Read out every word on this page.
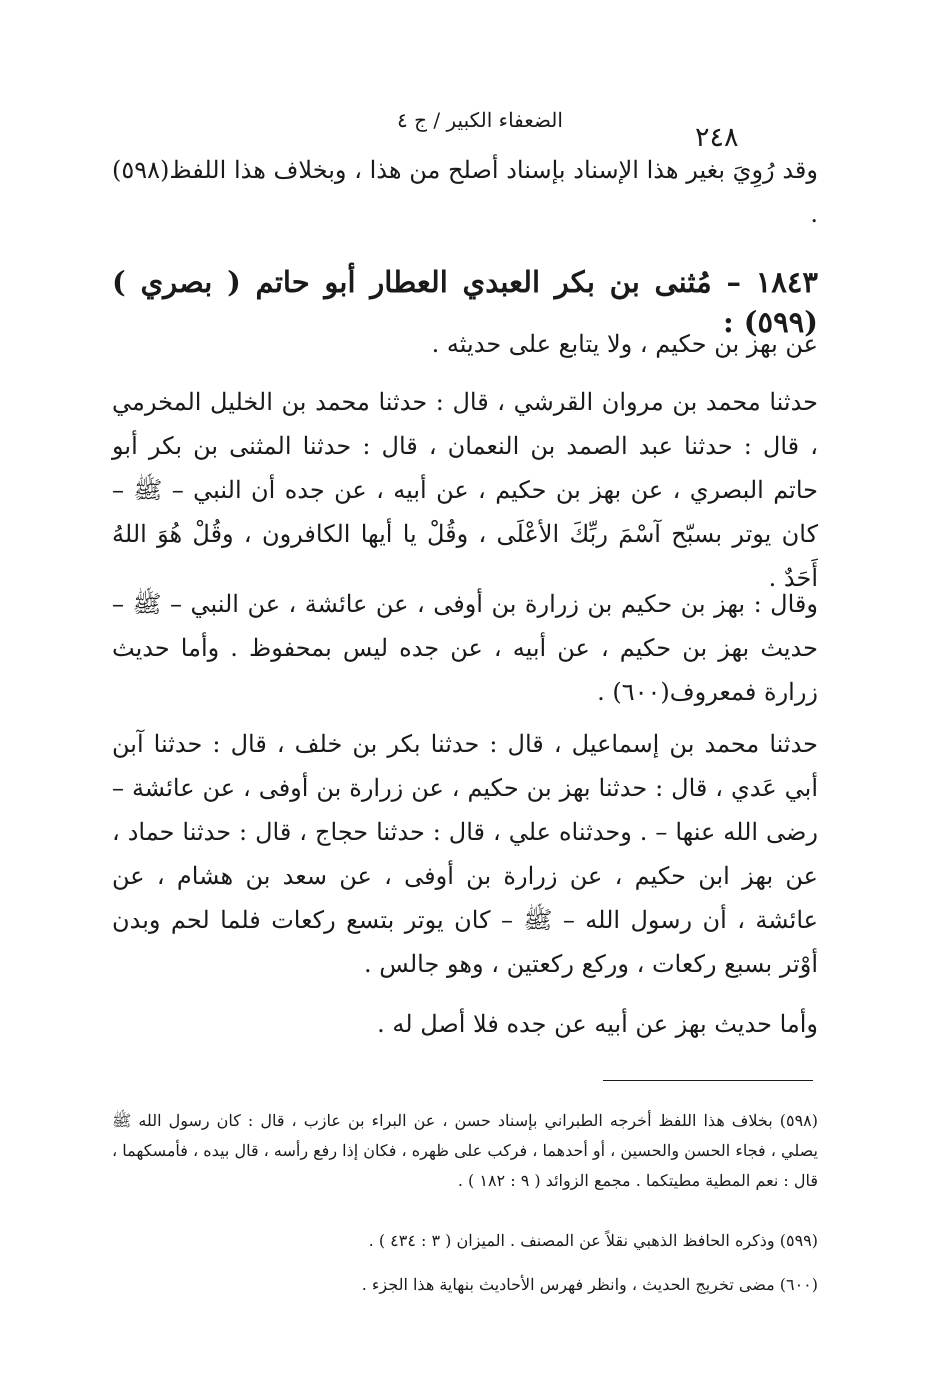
الضعفاء الكبير / ج ٤
٢٤٨
وقد رُوِيَ بغير هذا الإسناد بإسناد أصلح من هذا ، وبخلاف هذا اللفظ(٥٩٨) .
١٨٤٣ – مُثنى بن بكر العبدي العطار أبو حاتم ( بصري )(٥٩٩) :
عن بهز بن حكيم ، ولا يتابع على حديثه .
حدثنا محمد بن مروان القرشي ، قال : حدثنا محمد بن الخليل المخرمي ، قال : حدثنا عبد الصمد بن النعمان ، قال : حدثنا المثنى بن بكر أبو حاتم البصري ، عن بهز بن حكيم ، عن أبيه ، عن جده أن النبي – ﷺ – كان يوتر بسبّح آسْمَ ربِّكَ الأعْلَى ، وقُلْ يا أيها الكافرون ، وقُلْ هُوَ اللهُ أَحَدٌ .
وقال : بهز بن حكيم بن زرارة بن أوفى ، عن عائشة ، عن النبي – ﷺ – حديث بهز بن حكيم ، عن أبيه ، عن جده ليس بمحفوظ . وأما حديث زرارة فمعروف(٦٠٠) .
حدثنا محمد بن إسماعيل ، قال : حدثنا بكر بن خلف ، قال : حدثنا آبن أبي عَدي ، قال : حدثنا بهز بن حكيم ، عن زرارة بن أوفى ، عن عائشة – رضى الله عنها – . وحدثناه علي ، قال : حدثنا حجاج ، قال : حدثنا حماد ، عن بهز ابن حكيم ، عن زرارة بن أوفى ، عن سعد بن هشام ، عن عائشة ، أن رسول الله – ﷺ – كان يوتر بتسع ركعات فلما لحم وبدن أوْتر بسبع ركعات ، وركع ركعتين ، وهو جالس .
وأما حديث بهز عن أبيه عن جده فلا أصل له .
(٥٩٨) بخلاف هذا اللفظ أخرجه الطبراني بإسناد حسن ، عن البراء بن عازب ، قال : كان رسول الله ﷺ يصلي ، فجاء الحسن والحسين ، أو أحدهما ، فركب على ظهره ، فكان إذا رفع رأسه ، قال بيده ، فأمسكهما ، قال : نعم المطية مطيتكما . مجمع الزوائد ( ٩ : ١٨٢ ) .
(٥٩٩) وذكره الحافظ الذهبي نقلاً عن المصنف . الميزان ( ٣ : ٤٣٤ ) .
(٦٠٠) مضى تخريج الحديث ، وانظر فهرس الأحاديث بنهاية هذا الجزء .
